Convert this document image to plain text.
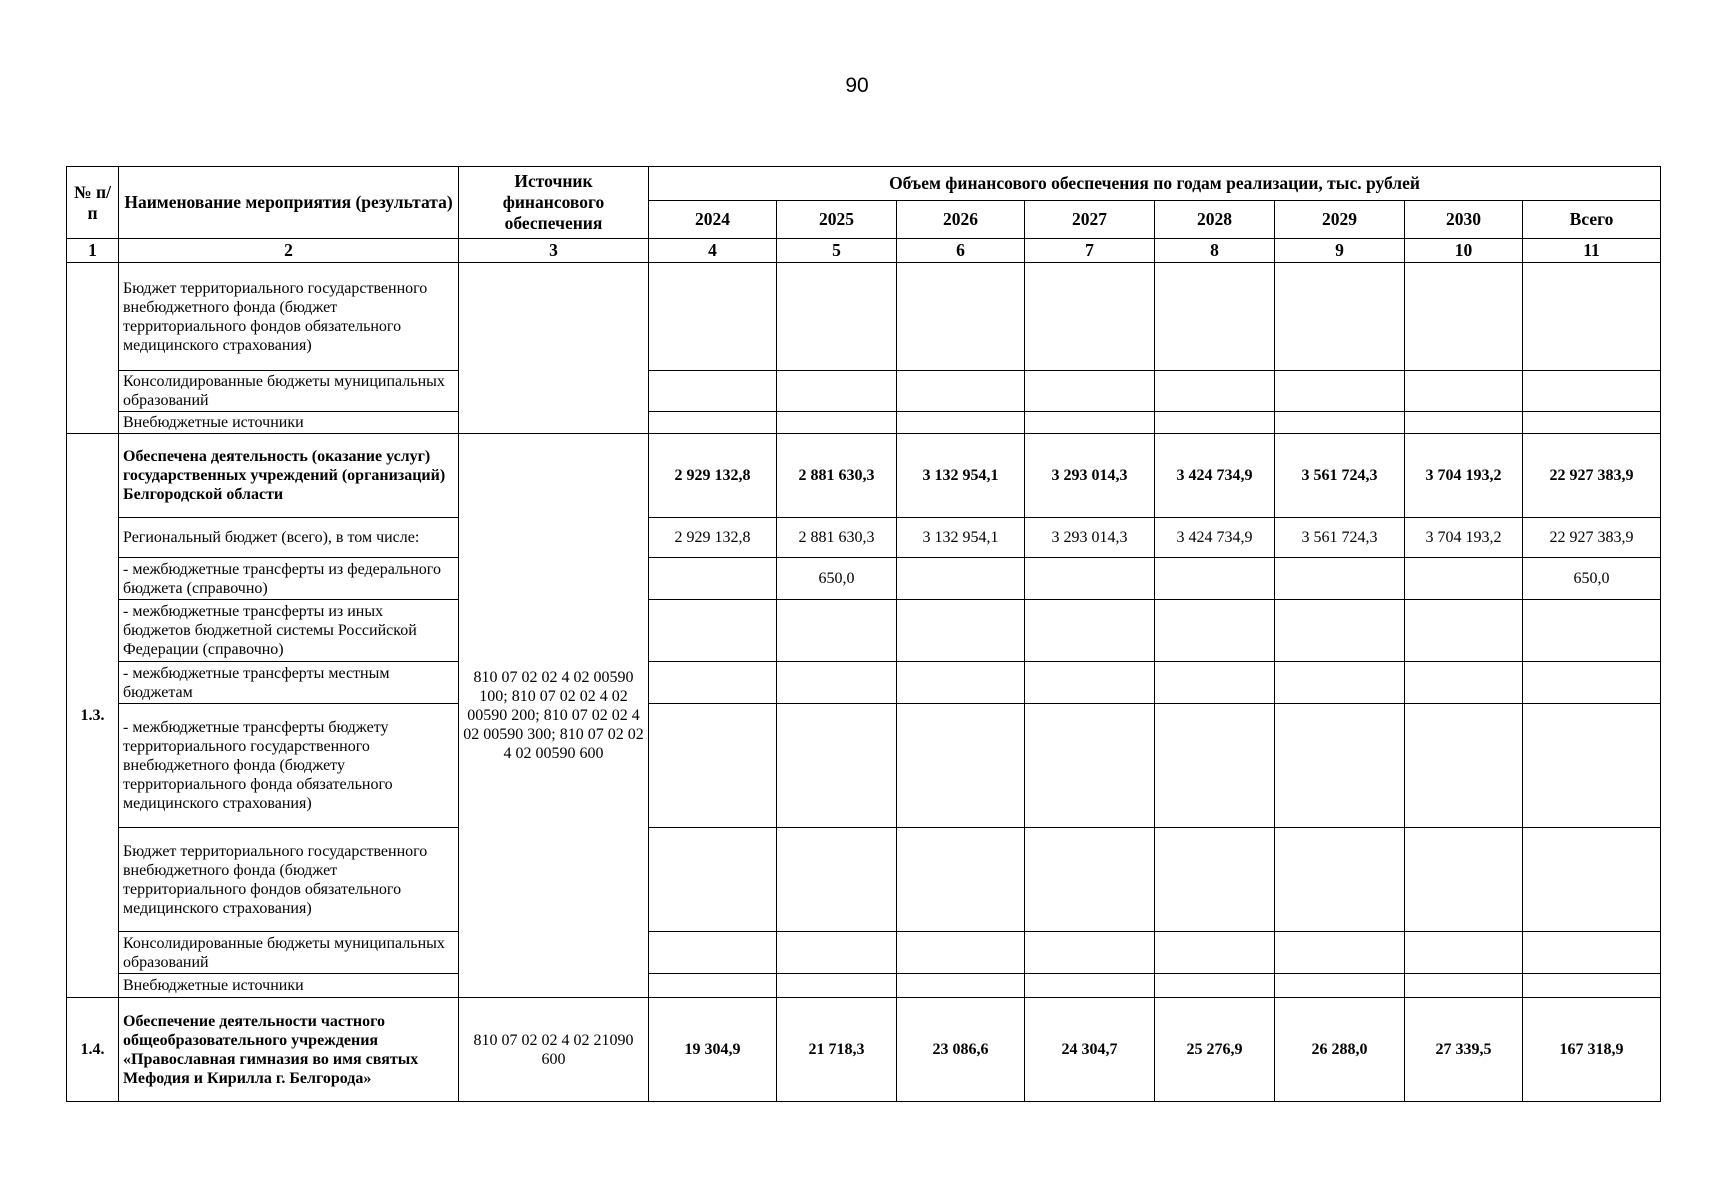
90
№ п/п	Наименование мероприятия (результата)	Источник финансового обеспечения	Объем финансового обеспечения по годам реализации, тыс. рублей							
			2024	2025	2026	2027	2028	2029	2030	Всего
1	2	3	4	5	6	7	8	9	10	11
	Бюджет территориального государственного внебюджетного фонда (бюджет территориального фондов обязательного медицинского страхования)									
	Консолидированные бюджеты муниципальных образований									
	Внебюджетные источники									
1.3.	Обеспечена деятельность (оказание услуг) государственных учреждений (организаций) Белгородской области	810 07 02 02 4 02 00590 100; 810 07 02 02 4 02 00590 200; 810 07 02 02 4 02 00590 300; 810 07 02 02 4 02 00590 600	2 929 132,8	2 881 630,3	3 132 954,1	3 293 014,3	3 424 734,9	3 561 724,3	3 704 193,2	22 927 383,9
	Региональный бюджет (всего), в том числе:		2 929 132,8	2 881 630,3	3 132 954,1	3 293 014,3	3 424 734,9	3 561 724,3	3 704 193,2	22 927 383,9
	- межбюджетные трансферты из федерального бюджета (справочно)			650,0						650,0
	- межбюджетные трансферты из иных бюджетов бюджетной системы Российской Федерации (справочно)									
	- межбюджетные трансферты местным бюджетам									
	- межбюджетные трансферты бюджету территориального государственного внебюджетного фонда (бюджету территориального фонда обязательного медицинского страхования)									
	Бюджет территориального государственного внебюджетного фонда (бюджет территориального фондов обязательного медицинского страхования)									
	Консолидированные бюджеты муниципальных образований									
	Внебюджетные источники									
1.4.	Обеспечение деятельности частного общеобразовательного учреждения «Православная гимназия во имя святых Мефодия и Кирилла г. Белгорода»	810 07 02 02 4 02 21090 600	19 304,9	21 718,3	23 086,6	24 304,7	25 276,9	26 288,0	27 339,5	167 318,9
